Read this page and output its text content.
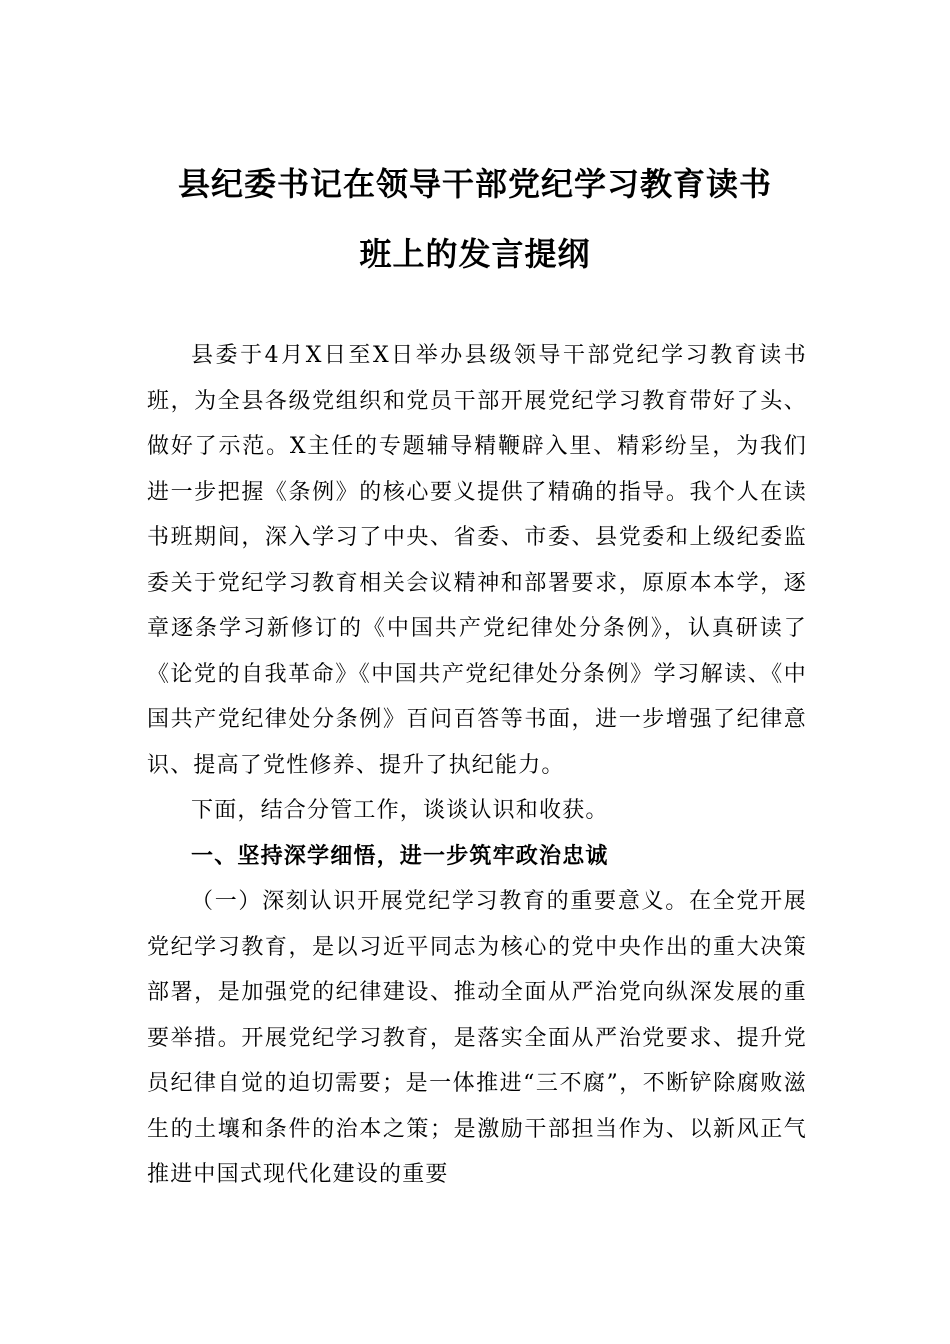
县纪委书记在领导干部党纪学习教育读书
班上的发言提纲

县委于4月X日至X日举办县级领导干部党纪学习教育读书班，为全县各级党组织和党员干部开展党纪学习教育带好了头、做好了示范。X主任的专题辅导精鞭辟入里、精彩纷呈，为我们进一步把握《条例》的核心要义提供了精确的指导。我个人在读书班期间，深入学习了中央、省委、市委、县党委和上级纪委监委关于党纪学习教育相关会议精神和部署要求，原原本本学，逐章逐条学习新修订的《中国共产党纪律处分条例》，认真研读了《论党的自我革命》《中国共产党纪律处分条例》学习解读、《中国共产党纪律处分条例》百问百答等书面，进一步增强了纪律意识、提高了党性修养、提升了执纪能力。

下面，结合分管工作，谈谈认识和收获。

一、坚持深学细悟，进一步筑牢政治忠诚

（一）深刻认识开展党纪学习教育的重要意义。在全党开展党纪学习教育，是以习近平同志为核心的党中央作出的重大决策部署，是加强党的纪律建设、推动全面从严治党向纵深发展的重要举措。开展党纪学习教育，是落实全面从严治党要求、提升党员纪律自觉的迫切需要；是一体推进“三不腐”，不断铲除腐败滋生的土壤和条件的治本之策；是激励干部担当作为、以新风正气推进中国式现代化建设的重要
